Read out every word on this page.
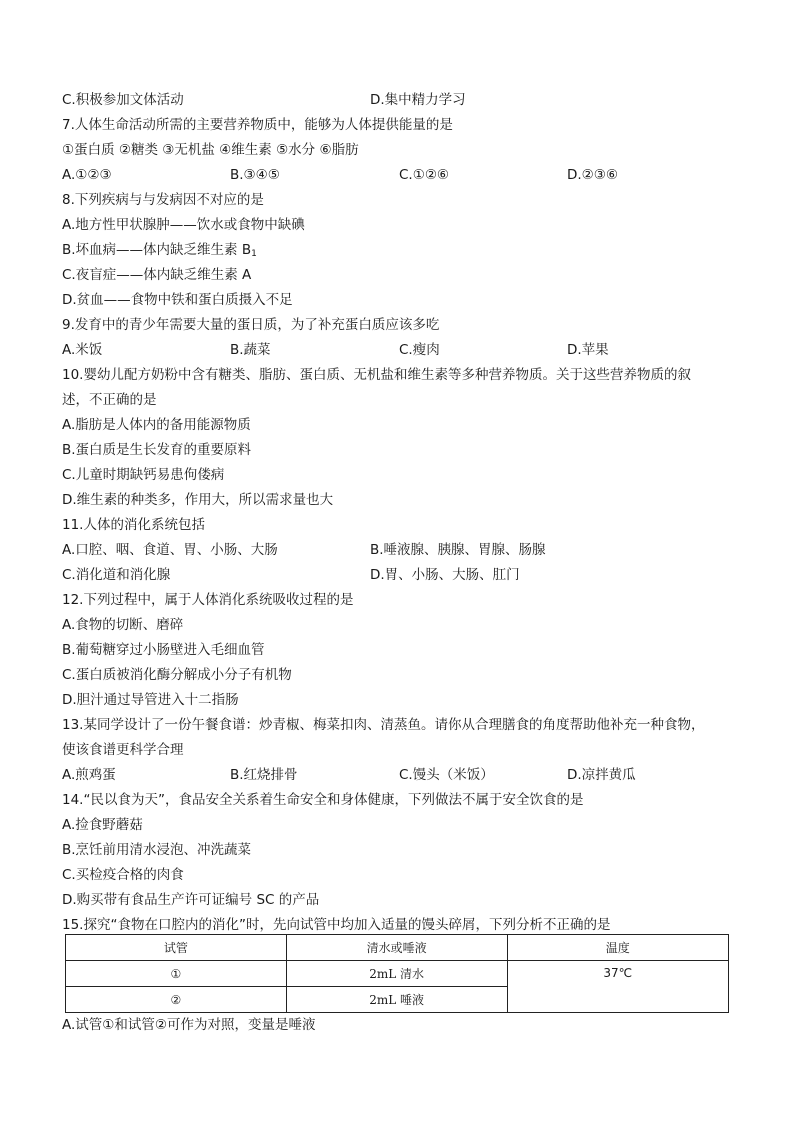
C.积极参加文体活动	D.集中精力学习
7.人体生命活动所需的主要营养物质中，能够为人体提供能量的是
①蛋白质 ②糖类 ③无机盐 ④维生素 ⑤水分 ⑥脂肪
A.①②③	B.③④⑤	C.①②⑥	D.②③⑥
8.下列疾病与与发病因不对应的是
A.地方性甲状腺肿——饮水或食物中缺碘
B.坏血病——体内缺乏维生素 $B_1$
C.夜盲症——体内缺乏维生素 A
D.贫血——食物中铁和蛋白质摄入不足
9.发育中的青少年需要大量的蛋日质，为了补充蛋白质应该多吃
A.米饭	B.蔬菜	C.瘦肉	D.苹果
10.婴幼儿配方奶粉中含有糖类、脂肪、蛋白质、无机盐和维生素等多种营养物质。关于这些营养物质的叙
述，不正确的是
A.脂肪是人体内的备用能源物质
B.蛋白质是生长发育的重要原料
C.儿童时期缺钙易患佝偻病
D.维生素的种类多，作用大，所以需求量也大
11.人体的消化系统包括
A.口腔、咽、食道、胃、小肠、大肠	B.唾液腺、胰腺、胃腺、肠腺
C.消化道和消化腺	D.胃、小肠、大肠、肛门
12.下列过程中，属于人体消化系统吸收过程的是
A.食物的切断、磨碎
B.葡萄糖穿过小肠壁进入毛细血管
C.蛋白质被消化酶分解成小分子有机物
D.胆汁通过导管进入十二指肠
13.某同学设计了一份午餐食谱：炒青椒、梅菜扣肉、清蒸鱼。请你从合理膳食的角度帮助他补充一种食物，
使该食谱更科学合理
A.煎鸡蛋	B.红烧排骨	C.馒头（米饭）	D.凉拌黄瓜
14.“民以食为天”，食品安全关系着生命安全和身体健康，下列做法不属于安全饮食的是
A.捡食野蘑菇
B.烹饪前用清水浸泡、冲洗蔬菜
C.买检疫合格的肉食
D.购买带有食品生产许可证编号 SC 的产品
15.探究“食物在口腔内的消化”时，先向试管中均加入适量的馒头碎屑，下列分析不正确的是
试管	清水或唾液	温度
①	2mL 清水	37℃
②	2mL 唾液	
A.试管①和试管②可作为对照，变量是唾液
